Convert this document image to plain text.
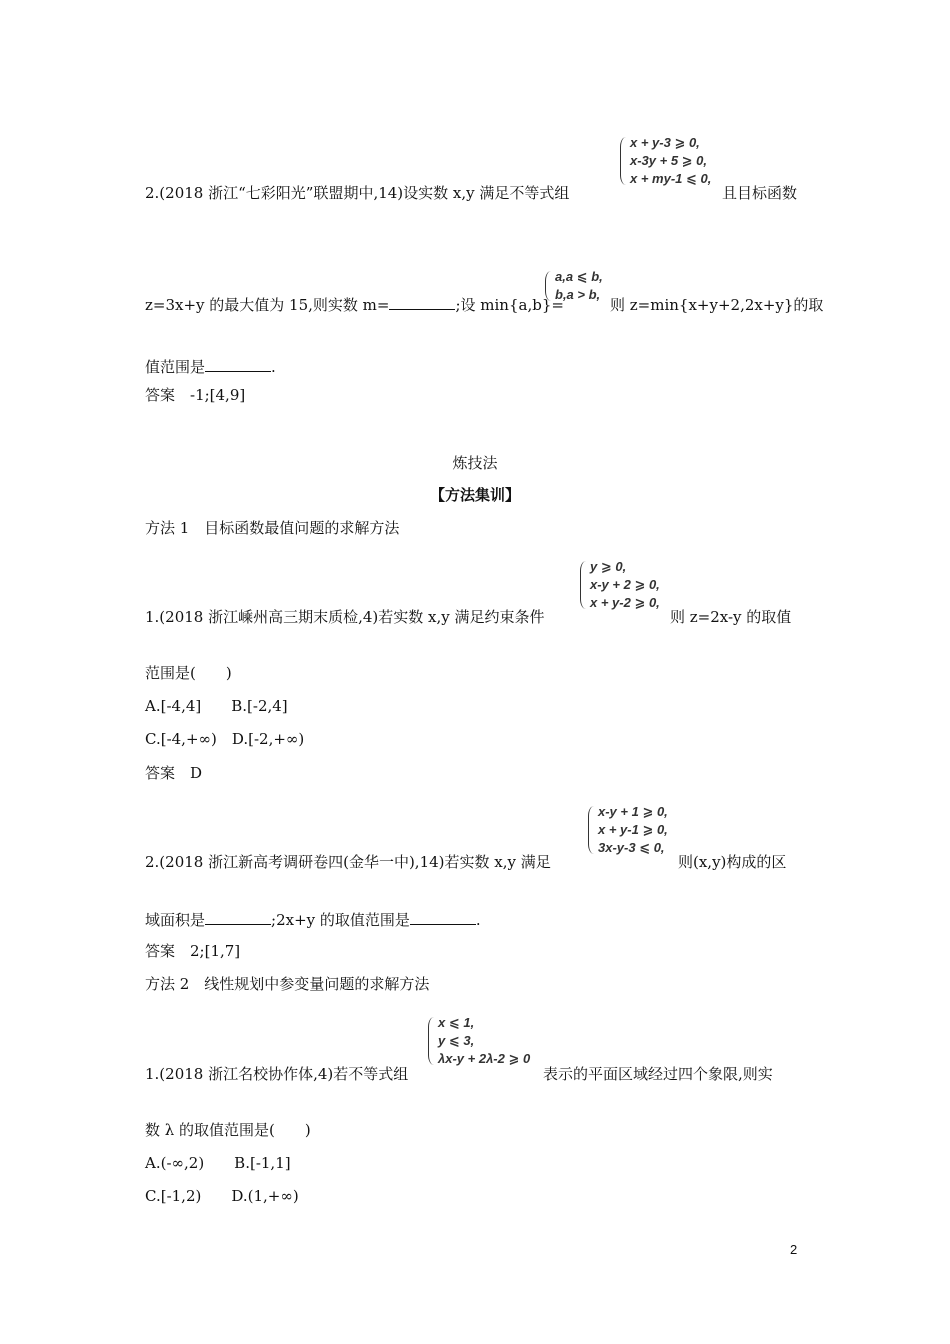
2.(2018 浙江“七彩阳光”联盟期中,14)设实数 x,y 满足不等式组
x + y-3 ⩾ 0,
x-3y + 5 ⩾ 0,
x + my-1 ⩽ 0,
且目标函数
z=3x+y 的最大值为 15,则实数 m=	;设 min{a,b}=
a,a ⩽ b,
b,a > b,
则 z=min{x+y+2,2x+y}的取
值范围是	.
答案　-1;[4,9]
炼技法
【方法集训】
方法 1　目标函数最值问题的求解方法
1.(2018 浙江嵊州高三期末质检,4)若实数 x,y 满足约束条件
y ⩾ 0,
x-y + 2 ⩾ 0,
x + y-2 ⩾ 0,
则 z=2x-y 的取值
范围是(　　)
A.[-4,4]　　B.[-2,4]
C.[-4,+∞)　D.[-2,+∞)
答案　D
2.(2018 浙江新高考调研卷四(金华一中),14)若实数 x,y 满足
x-y + 1 ⩾ 0,
x + y-1 ⩾ 0,
3x-y-3 ⩽ 0,
则(x,y)构成的区
域面积是	;2x+y 的取值范围是	.
答案　2;[1,7]
方法 2　线性规划中参变量问题的求解方法
1.(2018 浙江名校协作体,4)若不等式组
x ⩽ 1,
y ⩽ 3,
λx-y + 2λ-2 ⩾ 0
表示的平面区域经过四个象限,则实
数 λ 的取值范围是(　　)
A.(-∞,2)　　B.[-1,1]
C.[-1,2)　　D.(1,+∞)
2
